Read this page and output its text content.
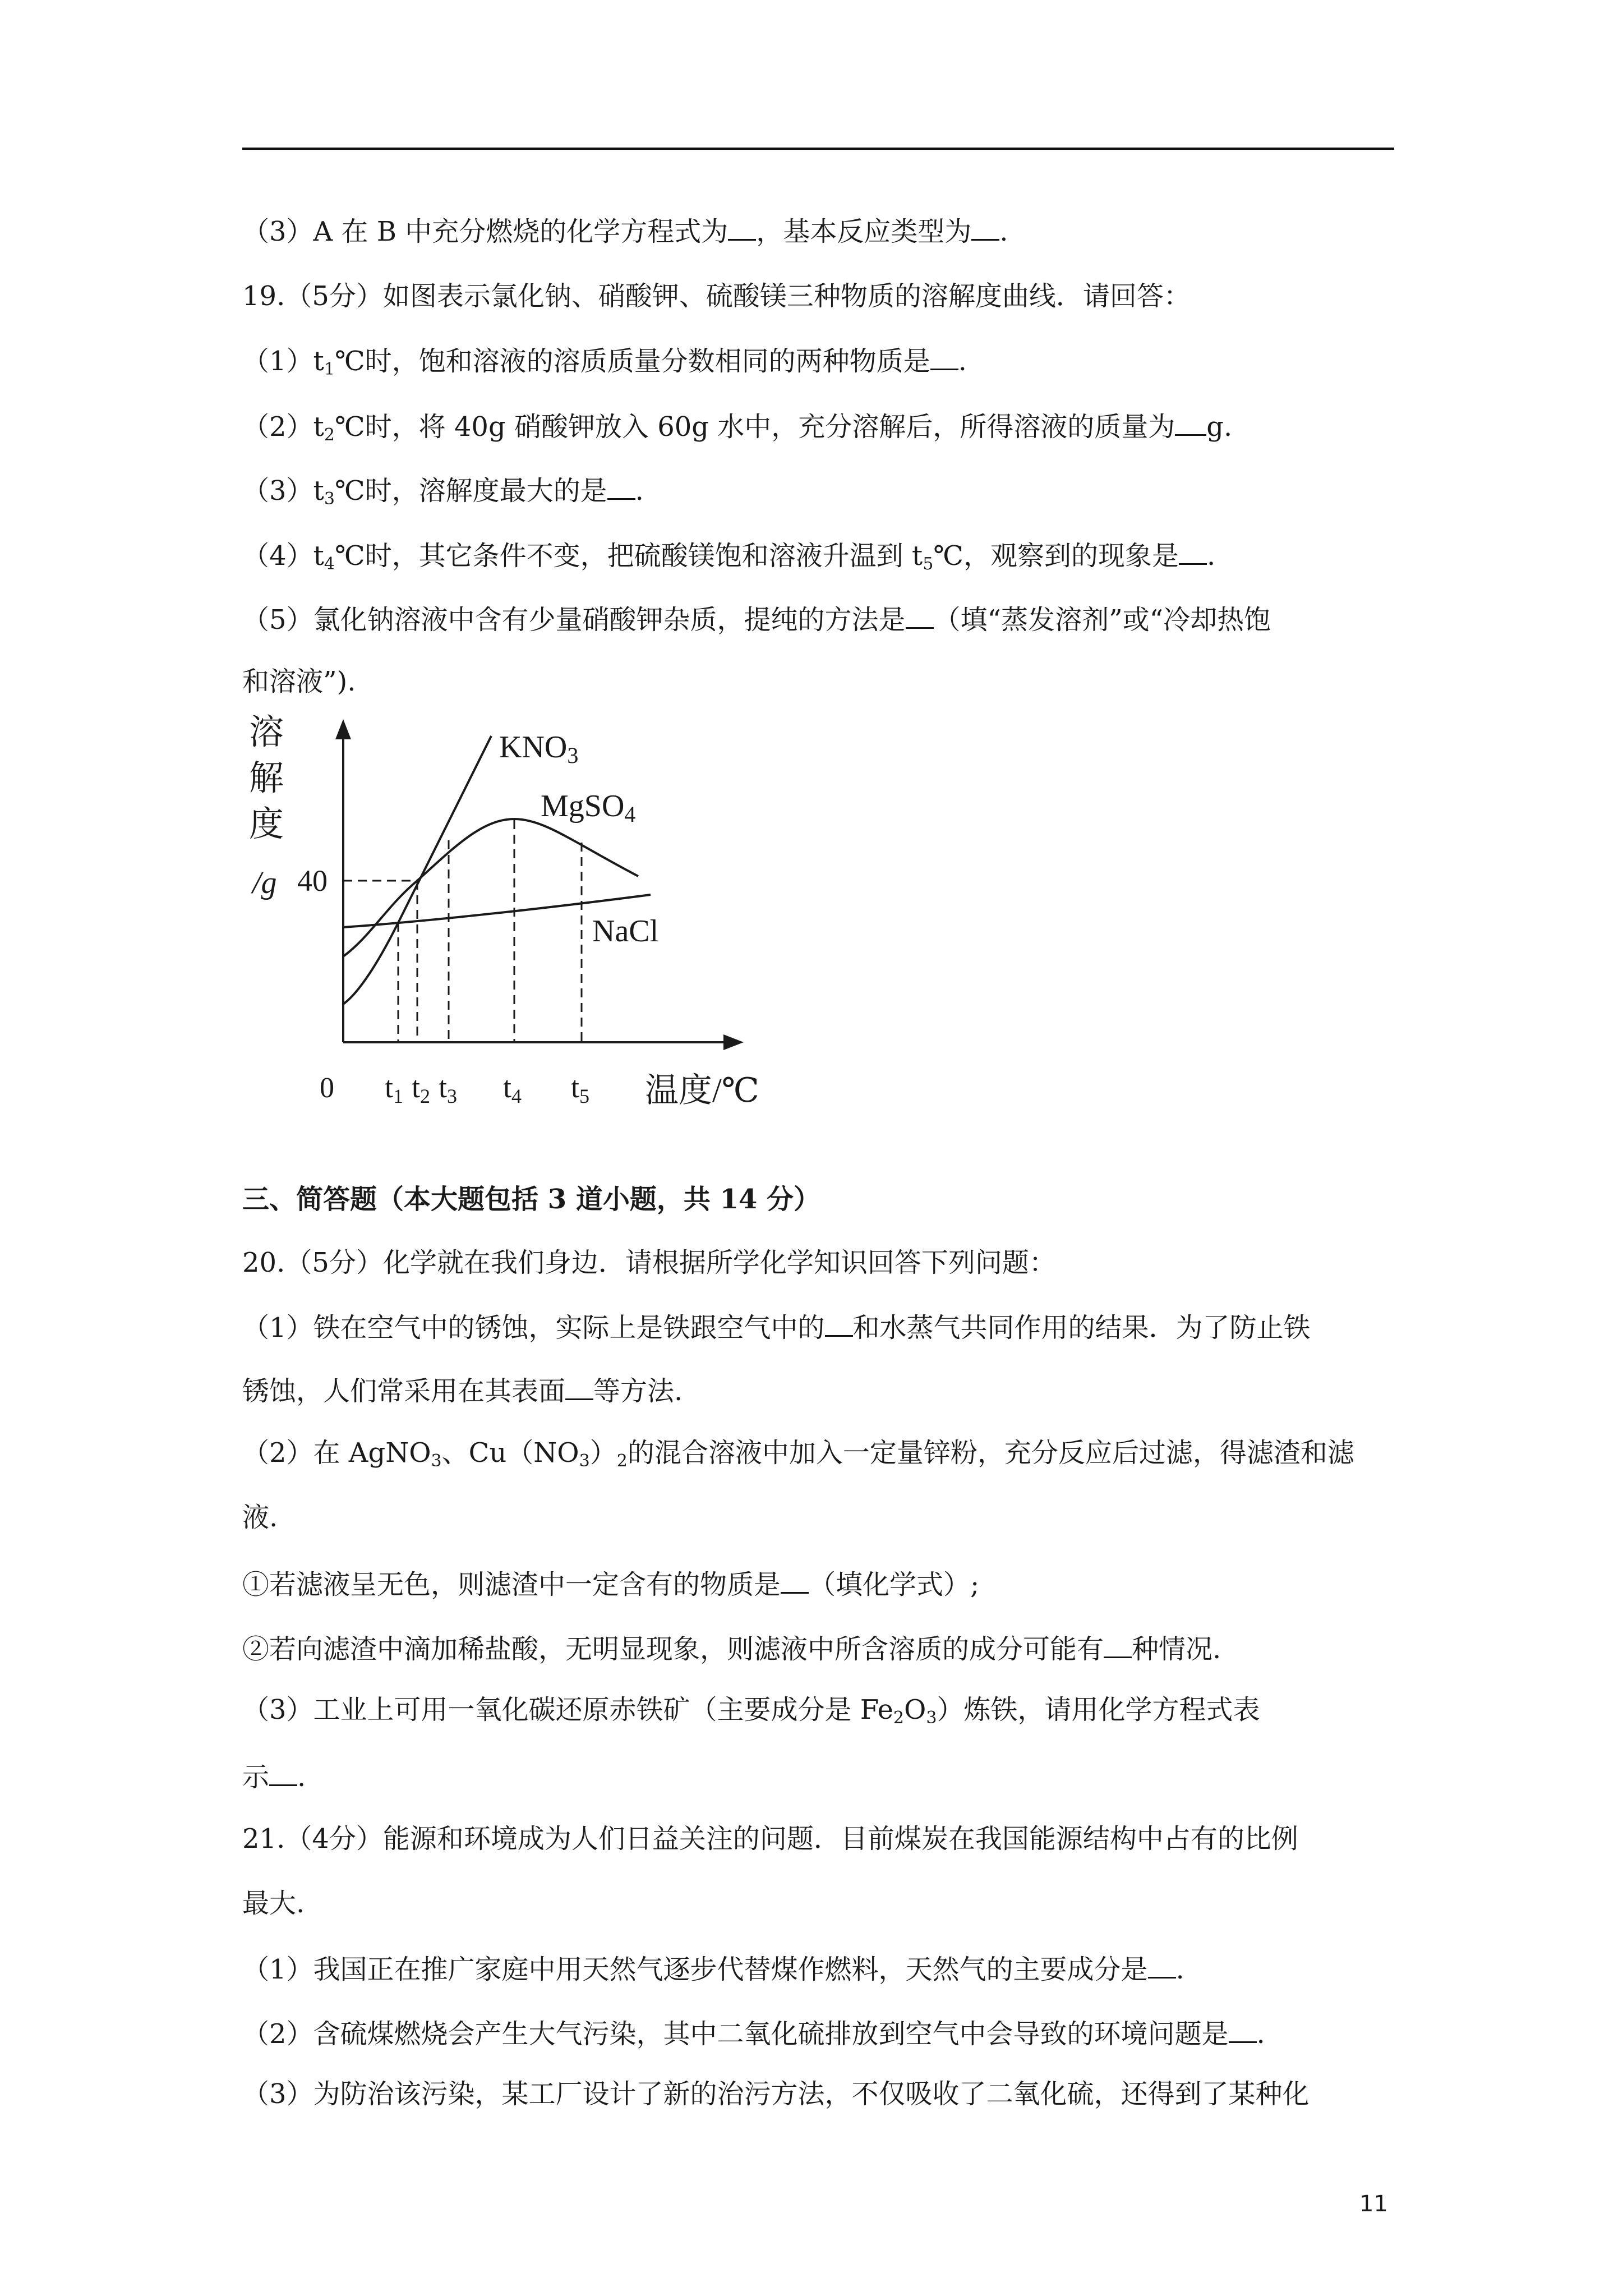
（3）A 在 B 中充分燃烧的化学方程式为 ，基本反应类型为 .
19.（5分）如图表示氯化钠、硝酸钾、硫酸镁三种物质的溶解度曲线．请回答：
$(1)t_1℃$时，饱和溶液的溶质质量分数相同的两种物质是 .
$(2)t_2℃$时，将 40g 硝酸钾放入 60g 水中，充分溶解后，所得溶液的质量为 g.
$(3)t_3℃$时，溶解度最大的是 .
$(4)t_4℃$时，其它条件不变，把硫酸镁饱和溶液升温到 $t_5℃$，观察到的现象是 .
（5）氯化钠溶液中含有少量硝酸钾杂质，提纯的方法是 （填“蒸发溶剂”或“冷却热饱
和溶液”).
溶
解
度
/g 40
KNO3
MgSO4
NaCl
0 t1 t2 t3 t4 t5 温度/℃
三、简答题（本大题包括 3 道小题，共 14 分）
20.（5分）化学就在我们身边．请根据所学化学知识回答下列问题：
（1）铁在空气中的锈蚀，实际上是铁跟空气中的 和水蒸气共同作用的结果．为了防止铁
锈蚀，人们常采用在其表面 等方法.
（2）在 AgNO$_3$、$Cu(NO_3)_2$的混合溶液中加入一定量锌粉，充分反应后过滤，得滤渣和滤
液.
①若滤液呈无色，则滤渣中一定含有的物质是 （填化学式）;
②若向滤渣中滴加稀盐酸，无明显现象，则滤液中所含溶质的成分可能有 种情况.
（3）工业上可用一氧化碳还原赤铁矿（主要成分是 $Fe_2O_3$）炼铁，请用化学方程式表
示 .
21.（4分）能源和环境成为人们日益关注的问题．目前煤炭在我国能源结构中占有的比例
最大.
（1）我国正在推广家庭中用天然气逐步代替煤作燃料，天然气的主要成分是 .
（2）含硫煤燃烧会产生大气污染，其中二氧化硫排放到空气中会导致的环境问题是 .
（3）为防治该污染，某工厂设计了新的治污方法，不仅吸收了二氧化硫，还得到了某种化
11
